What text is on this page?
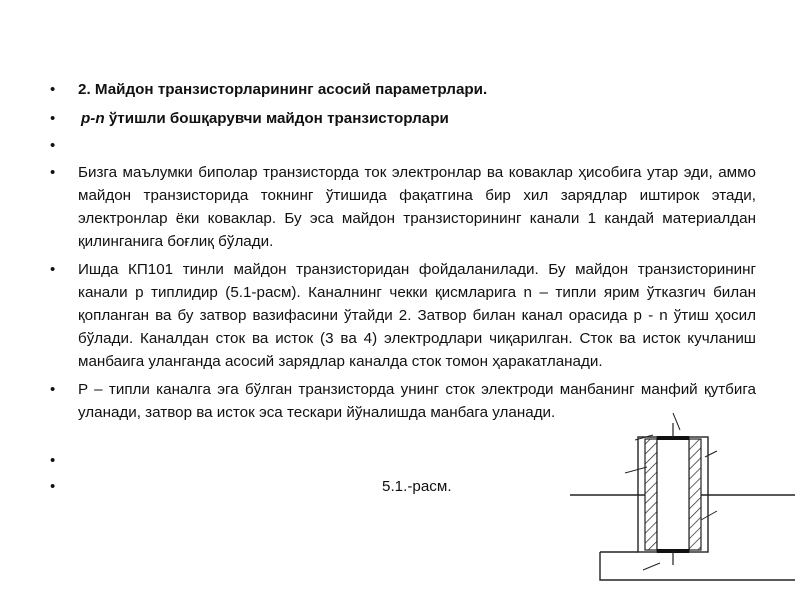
•	2. Майдон транзисторларининг асосий параметрлари.
•	p-n ўтишли бошқарувчи майдон транзисторлари
•
•	Бизга маълумки биполар транзисторда ток электронлар ва коваклар ҳисобига утар эди, аммо майдон транзисторида токнинг ўтишида фақатгина бир хил зарядлар иштирок этади, электронлар ёки коваклар. Бу эса майдон транзисторининг канали 1 кандай материалдан қилинганига боғлиқ бўлади.
•	Ишда КП101 тинли майдон транзисторидан фойдаланилади. Бу майдон транзисторининг канали p типлидир (5.1-расм). Каналнинг чекки қисмларига n – типли ярим ўтказгич билан қопланган ва бу затвор вазифасини ўтайди 2. Затвор билан канал орасида p - n ўтиш ҳосил бўлади. Каналдан сток ва исток (3 ва 4) электродлари чиқарилган. Сток ва исток кучланиш манбаига уланганда асосий зарядлар каналда сток томон ҳаракатланади.
•	P – типли каналга эга бўлган транзисторда унинг сток электроди манбанинг манфий қутбига уланади, затвор ва исток эса тескари йўналишда манбага уланади.
•
•	5.1.-расм.
